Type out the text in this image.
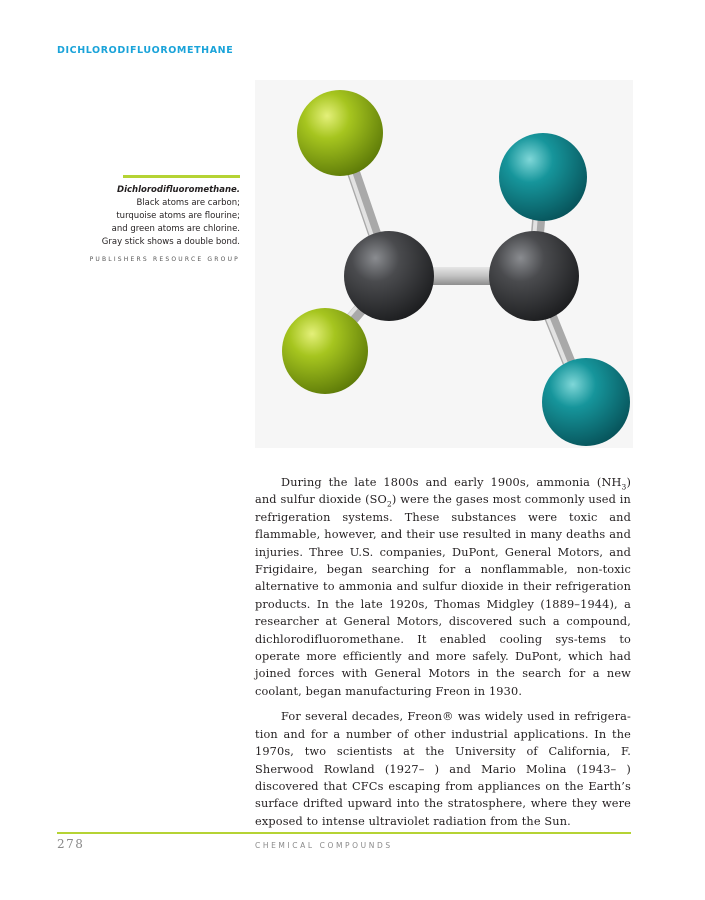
DICHLORODIFLUOROMETHANE
Dichlorodifluoromethane.
Black atoms are carbon;
turquoise atoms are flourine;
and green atoms are chlorine.
Gray stick shows a double bond.
PUBLISHERS RESOURCE GROUP

During the late 1800s and early 1900s, ammonia $(NH_3)$ and sulfur dioxide $(SO_2)$ were the gases most commonly used in refrigeration systems. These substances were toxic and flammable, however, and their use resulted in many deaths and injuries. Three U.S. companies, DuPont, General Motors, and Frigidaire, began searching for a nonflammable, non-toxic alternative to ammonia and sulfur dioxide in their refrigeration products. In the late 1920s, Thomas Midgley (1889–1944), a researcher at General Motors, discovered such a compound, dichlorodifluoromethane. It enabled cooling sys-tems to operate more efficiently and more safely. DuPont, which had joined forces with General Motors in the search for a new coolant, began manufacturing Freon in 1930.

For several decades, Freon® was widely used in refrigera-tion and for a number of other industrial applications. In the 1970s, two scientists at the University of California, F. Sherwood Rowland (1927– ) and Mario Molina (1943– ) discovered that CFCs escaping from appliances on the Earth’s surface drifted upward into the stratosphere, where they were exposed to intense ultraviolet radiation from the Sun.

278	CHEMICAL COMPOUNDS
